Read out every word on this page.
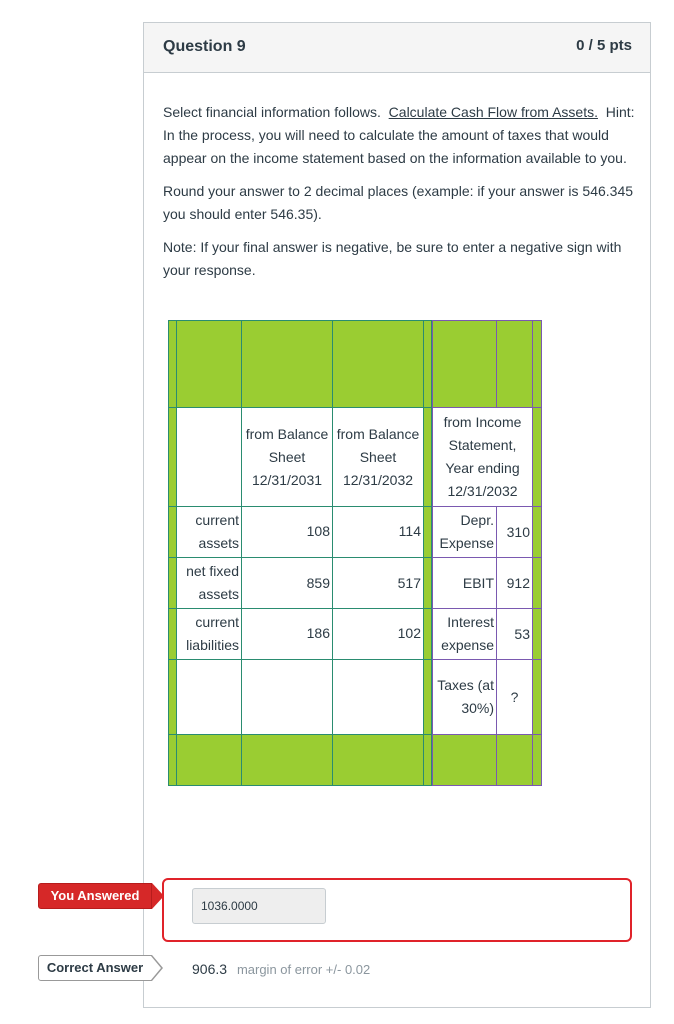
Question 9	0 / 5 pts

Select financial information follows. Calculate Cash Flow from Assets. Hint: In the process, you will need to calculate the amount of taxes that would appear on the income statement based on the information available to you.

Round your answer to 2 decimal places (example: if your answer is 546.345 you should enter 546.35).

Note: If your final answer is negative, be sure to enter a negative sign with your response.

		from Balance Sheet 12/31/2031	from Balance Sheet 12/31/2032	
	current assets	108	114	
	net fixed assets	859	517	
	current liabilities	186	102	

from Income Statement, Year ending 12/31/2032		
Depr. Expense	310	
EBIT	912	
Interest expense	53	
Taxes (at 30%)	?	

You Answered
1036.0000
Correct Answer	906.3 margin of error +/- 0.02
